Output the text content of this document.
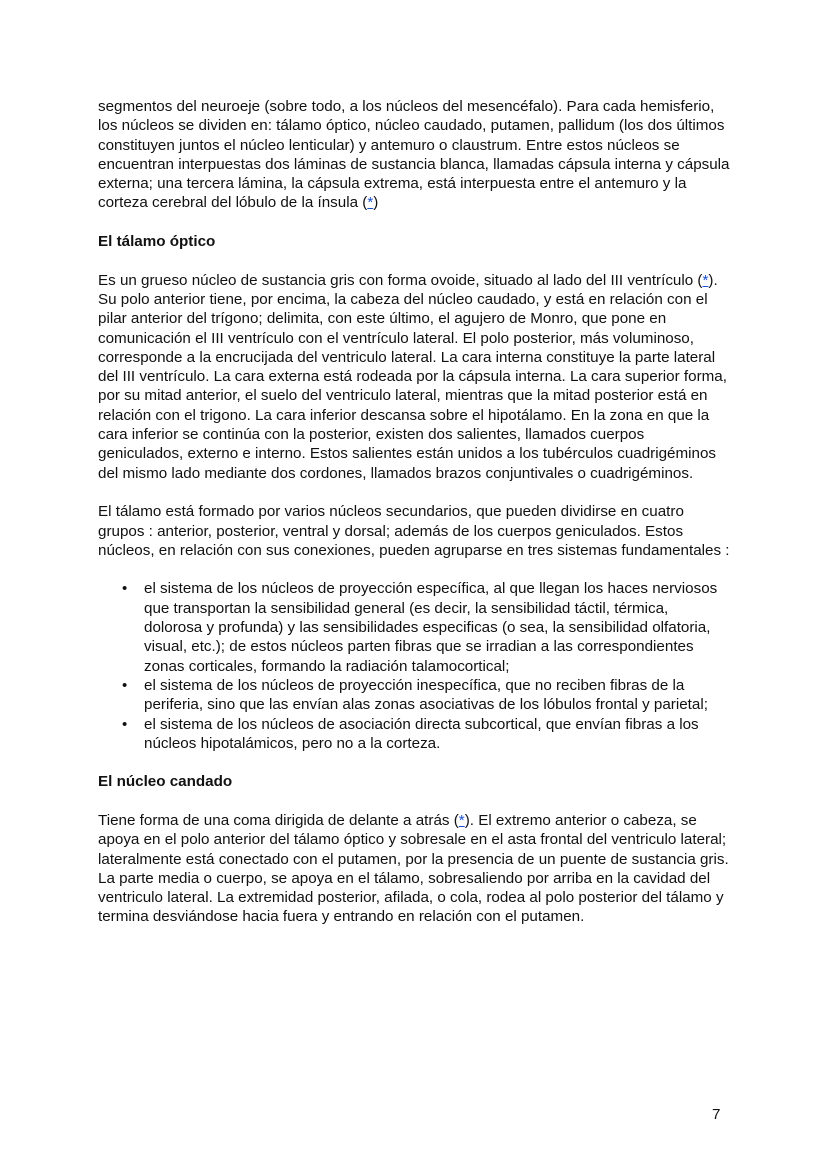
segmentos del neuroeje (sobre todo, a los núcleos del mesencéfalo). Para cada hemisferio, los núcleos se dividen en: tálamo óptico, núcleo caudado, putamen, pallidum (los dos últimos constituyen juntos el núcleo lenticular) y antemuro o claustrum. Entre estos núcleos se encuentran interpuestas dos láminas de sustancia blanca, llamadas cápsula interna y cápsula externa; una tercera lámina, la cápsula extrema, está interpuesta entre el antemuro y la corteza cerebral del lóbulo de la ínsula (*)

El tálamo óptico

Es un grueso núcleo de sustancia gris con forma ovoide, situado al lado del III ventrículo (*). Su polo anterior tiene, por encima, la cabeza del núcleo caudado, y está en relación con el pilar anterior del trígono; delimita, con este último, el agujero de Monro, que pone en comunicación el III ventrículo con el ventrículo lateral. El polo posterior, más voluminoso, corresponde a la encrucijada del ventriculo lateral. La cara interna constituye la parte lateral del III ventrículo. La cara externa está rodeada por la cápsula interna. La cara superior forma, por su mitad anterior, el suelo del ventriculo lateral, mientras que la mitad posterior está en relación con el trigono. La cara inferior descansa sobre el hipotálamo. En la zona en que la cara inferior se continúa con la posterior, existen dos salientes, llamados cuerpos geniculados, externo e interno. Estos salientes están unidos a los tubérculos cuadrigéminos del mismo lado mediante dos cordones, llamados brazos conjuntivales o cuadrigéminos.

El tálamo está formado por varios núcleos secundarios, que pueden dividirse en cuatro grupos : anterior, posterior, ventral y dorsal; además de los cuerpos geniculados. Estos núcleos, en relación con sus conexiones, pueden agruparse en tres sistemas fundamentales :

• el sistema de los núcleos de proyección específica, al que llegan los haces nerviosos que transportan la sensibilidad general (es decir, la sensibilidad táctil, térmica, dolorosa y profunda) y las sensibilidades especificas (o sea, la sensibilidad olfatoria, visual, etc.); de estos núcleos parten fibras que se irradian a las correspondientes zonas corticales, formando la radiación talamocortical;
• el sistema de los núcleos de proyección inespecífica, que no reciben fibras de la periferia, sino que las envían alas zonas asociativas de los lóbulos frontal y parietal;
• el sistema de los núcleos de asociación directa subcortical, que envían fibras a los núcleos hipotalámicos, pero no a la corteza.
El núcleo candado

Tiene forma de una coma dirigida de delante a atrás (*). El extremo anterior o cabeza, se apoya en el polo anterior del tálamo óptico y sobresale en el asta frontal del ventriculo lateral; lateralmente está conectado con el putamen, por la presencia de un puente de sustancia gris. La parte media o cuerpo, se apoya en el tálamo, sobresaliendo por arriba en la cavidad del ventriculo lateral. La extremidad posterior, afilada, o cola, rodea al polo posterior del tálamo y termina desviándose hacia fuera y entrando en relación con el putamen.

7
